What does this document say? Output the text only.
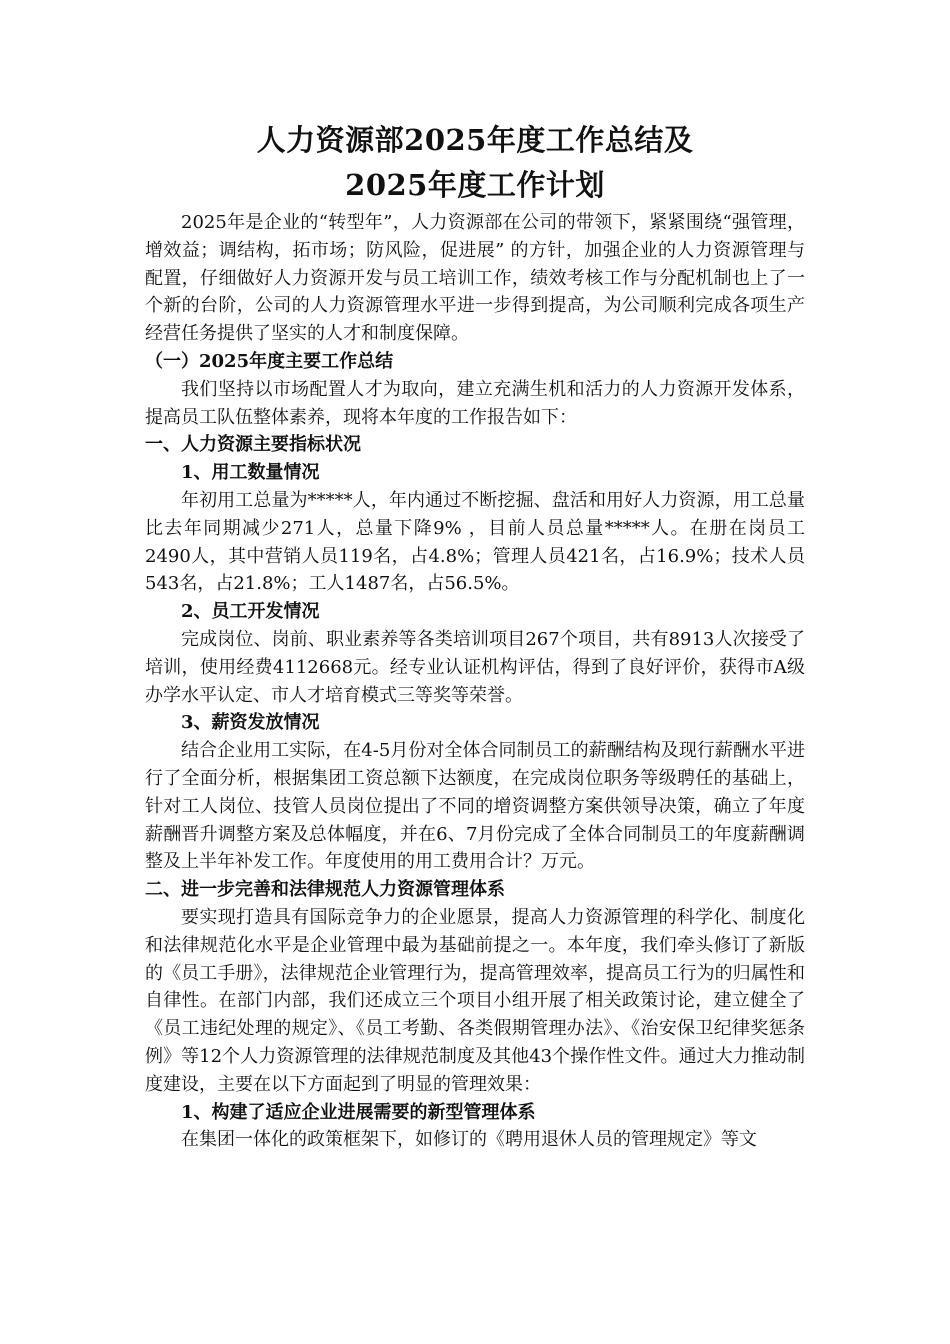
人力资源部2025年度工作总结及
2025年度工作计划
2025年是企业的“转型年”，人力资源部在公司的带领下，紧紧围绕“强管理，增效益；调结构，拓市场；防风险，促进展” 的方针，加强企业的人力资源管理与配置，仔细做好人力资源开发与员工培训工作，绩效考核工作与分配机制也上了一个新的台阶，公司的人力资源管理水平进一步得到提高，为公司顺利完成各项生产经营任务提供了坚实的人才和制度保障。
（一）2025年度主要工作总结
我们坚持以市场配置人才为取向，建立充满生机和活力的人力资源开发体系，提高员工队伍整体素养，现将本年度的工作报告如下：
一、人力资源主要指标状况
1、用工数量情况
年初用工总量为*****人，年内通过不断挖掘、盘活和用好人力资源，用工总量比去年同期减少271人，总量下降9% ，目前人员总量*****人。在册在岗员工2490人，其中营销人员119名，占4.8%；管理人员421名，占16.9%；技术人员543名，占21.8%；工人1487名，占56.5%。
2、员工开发情况
完成岗位、岗前、职业素养等各类培训项目267个项目，共有8913人次接受了培训，使用经费4112668元。经专业认证机构评估，得到了良好评价，获得市A级办学水平认定、市人才培育模式三等奖等荣誉。
3、薪资发放情况
结合企业用工实际，在4-5月份对全体合同制员工的薪酬结构及现行薪酬水平进行了全面分析，根据集团工资总额下达额度，在完成岗位职务等级聘任的基础上，针对工人岗位、技管人员岗位提出了不同的增资调整方案供领导决策，确立了年度薪酬晋升调整方案及总体幅度，并在6、7月份完成了全体合同制员工的年度薪酬调整及上半年补发工作。年度使用的用工费用合计？万元。
二、进一步完善和法律规范人力资源管理体系
要实现打造具有国际竞争力的企业愿景，提高人力资源管理的科学化、制度化和法律规范化水平是企业管理中最为基础前提之一。本年度，我们牵头修订了新版的《员工手册》，法律规范企业管理行为，提高管理效率，提高员工行为的归属性和自律性。在部门内部，我们还成立三个项目小组开展了相关政策讨论，建立健全了《员工违纪处理的规定》、《员工考勤、各类假期管理办法》、《治安保卫纪律奖惩条例》等12个人力资源管理的法律规范制度及其他43个操作性文件。通过大力推动制度建设，主要在以下方面起到了明显的管理效果：
1、构建了适应企业进展需要的新型管理体系
在集团一体化的政策框架下，如修订的《聘用退休人员的管理规定》等文
